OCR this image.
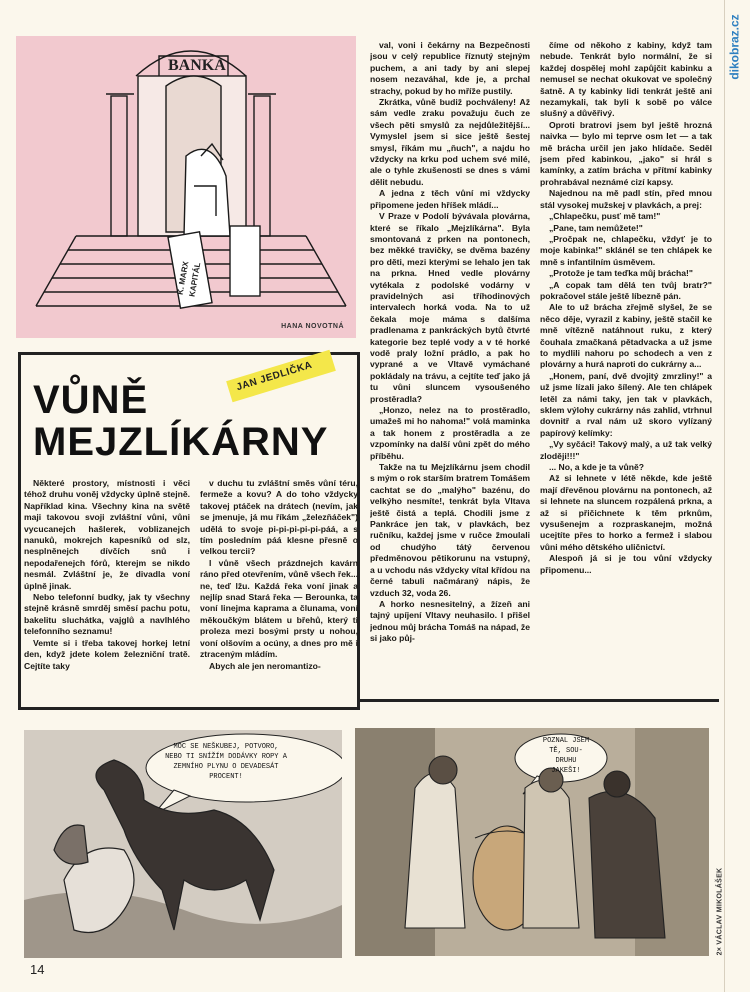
dikobraz.cz
BANKA
K. MARX
KAPITÁL
HANA NOVOTNÁ
JAN JEDLIČKA
VŮNĚ
MEJZLÍKÁRNY

Některé prostory, místnosti i věci téhož druhu voněj vždycky úplně stejně. Například kina. Všechny kina na světě maji takovou svoji zvláštní vůni, vůni vycucanejch hašlerek, voblizanejch nanuků, mokrejch kapesníků od slz, nesplněnejch dívčích snů i nepodařenejch fórů, kterejm se nikdo nesmál. Zvláštní je, že divadla voní úplně jinak.

Nebo telefonní budky, jak ty všechny stejně krásně smrděj směsí pachu potu, bakelitu sluchátka, vajglů a navlhlého telefonního seznamu!

Vemte si i třeba takovej horkej letní den, když jdete kolem železniční tratě. Cejtíte taky

v duchu tu zvláštní směs vůní téru, fermeže a kovu? A do toho vždycky takovej ptáček na drátech (nevím, jak se jmenuje, já mu říkám „železňáček") udělá to svoje pi-pi-pi-pi-pi-páá, a s tím posledním páá klesne přesně o velkou tercii?

I vůně všech prázdnejch kavárn ráno před otevřením, vůně všech řek... ne, teď lžu. Každá řeka voní jinak a nejlíp snad Stará řeka — Berounka, ta voní linejma kaprama a člunama, voní měkoučkým blátem u břehů, který ti proleza mezi bosými prsty u nohou, voní olšovím a ocúny, a dnes pro mě i ztraceným mládím.

Abych ale jen neromantizo-

val, voni i čekárny na Bezpečnosti jsou v celý republice říznutý stejným puchem, a ani tady by ani slepej nosem nezaváhal, kde je, a prchal strachy, pokud by ho mříže pustily.

Zkrátka, vůně budiž pochváleny! Až sám vedle zraku považuju čuch ze všech pěti smyslů za nejdůležitější... Vymyslel jsem si sice ještě šestej smysl, říkám mu „ňuch", a najdu ho vždycky na krku pod uchem své milé, ale o tyhle zkušenosti se dnes s vámi dělit nebudu.

A jedna z těch vůní mi vždycky připomene jeden hříšek mládí...

V Praze v Podolí bývávala plovárna, které se říkalo „Mejzlíkárna". Byla smontovaná z prken na pontonech, bez měkké travičky, se dvěma bazény pro děti, mezi kterými se lehalo jen tak na prkna. Hned vedle plovárny vytékala z podolské vodárny v pravidelných asi tříhodinových intervalech horká voda. Na to už čekala moje máma s dalšíma pradlenama z pankráckých bytů čtvrté kategorie bez teplé vody a v té horké vodě praly ložní prádlo, a pak ho vyprané a ve Vltavě vymáchané pokládaly na trávu, a cejtíte teď jako já tu vůni sluncem vysoušeného prostěradla?

„Honzo, nelez na to prostěradlo, umažeš mi ho nahoma!" volá maminka a tak honem z prostěradla a ze vzpomínky na další vůni zpět do mého příběhu.

Takže na tu Mejzlíkárnu jsem chodil s mým o rok starším bratrem Tomášem cachtat se do „malýho" bazénu, do velkýho nesmíte!, tenkrát byla Vltava ještě čistá a teplá. Chodili jsme z Pankráce jen tak, v plavkách, bez ručníku, každej jsme v ručce žmoulali od chudýho tátý červenou předměnovou pětikorunu na vstupný, a u vchodu nás vždycky vítal křídou na černé tabuli načmáraný nápis, že vzduch 32, voda 26.

A horko nesnesitelný, a žízeň ani tajný upíjení Vltavy neuhasilo. I přišel jednou můj brácha Tomáš na nápad, že si jako půj-

číme od někoho z kabiny, když tam nebude. Tenkrát bylo normální, že si každej dospělej mohl zapůjčit kabinku a nemusel se nechat okukovat ve společný šatně. A ty kabinky lidi tenkrát ještě ani nezamykali, tak byli k sobě po válce slušný a důvěřivý.

Oproti bratrovi jsem byl ještě hrozná naivka — bylo mi teprve osm let — a tak mě brácha určil jen jako hlídače. Seděl jsem před kabinkou, „jako" si hrál s kamínky, a zatím brácha v přítmí kabinky prohrabával neznámé cizí kapsy.

Najednou na mě padl stín, před mnou stál vysokej mužskej v plavkách, a prej:

„Chlapečku, pusť mě tam!"

„Pane, tam nemůžete!"

„Pročpak ne, chlapečku, vždyť je to moje kabinka!" sklánél se ten chlápek ke mně s infantilním úsměvem.

„Protože je tam teďka můj brácha!"

„A copak tam dělá ten tvůj bratr?" pokračovel stále ještě líbezně pán.

Ale to už brácha zřejmě slyšel, že se něco děje, vyrazil z kabiny, ještě stačil ke mně vítězně natáhnout ruku, z který čouhala zmačkaná pětadvacka a už jsme to mydlili nahoru po schodech a ven z plovárny a hurá naproti do cukrárny a...

„Honem, paní, dvě dvojitý zmrzliny!" a už jsme lízali jako šílený. Ale ten chlápek letěl za námi taky, jen tak v plavkách, sklem výlohy cukrárny nás zahlid, vtrhnul dovnitř a rval nám už skoro vylízaný papírový kelímky:

„Vy syčáci! Takový malý, a už tak velký zloději!!!"

... No, a kde je ta vůně?

Až si lehnete v létě někde, kde ještě mají dřevěnou plovárnu na pontonech, až si lehnete na sluncem rozpálená prkna, a až si přičichnete k těm prknům, vysušenejm a rozpraskanejm, možná ucejtíte přes to horko a fermež i slabou vůni mého dětského uličnictví.

Alespoň já si je tou vůní vždycky připomenu...

MOC SE NEŠKUBEJ, POTVORO,
NEBO TI SNÍŽÍM DODÁVKY ROPY A
ZEMNÍHO PLYNU O DEVADESÁT
PROCENT!
POZNAL JSEM
TĚ, SOU-
DRUHU
JAKEŠI!
2× VÁCLAV MIKOLÁŠEK
14
